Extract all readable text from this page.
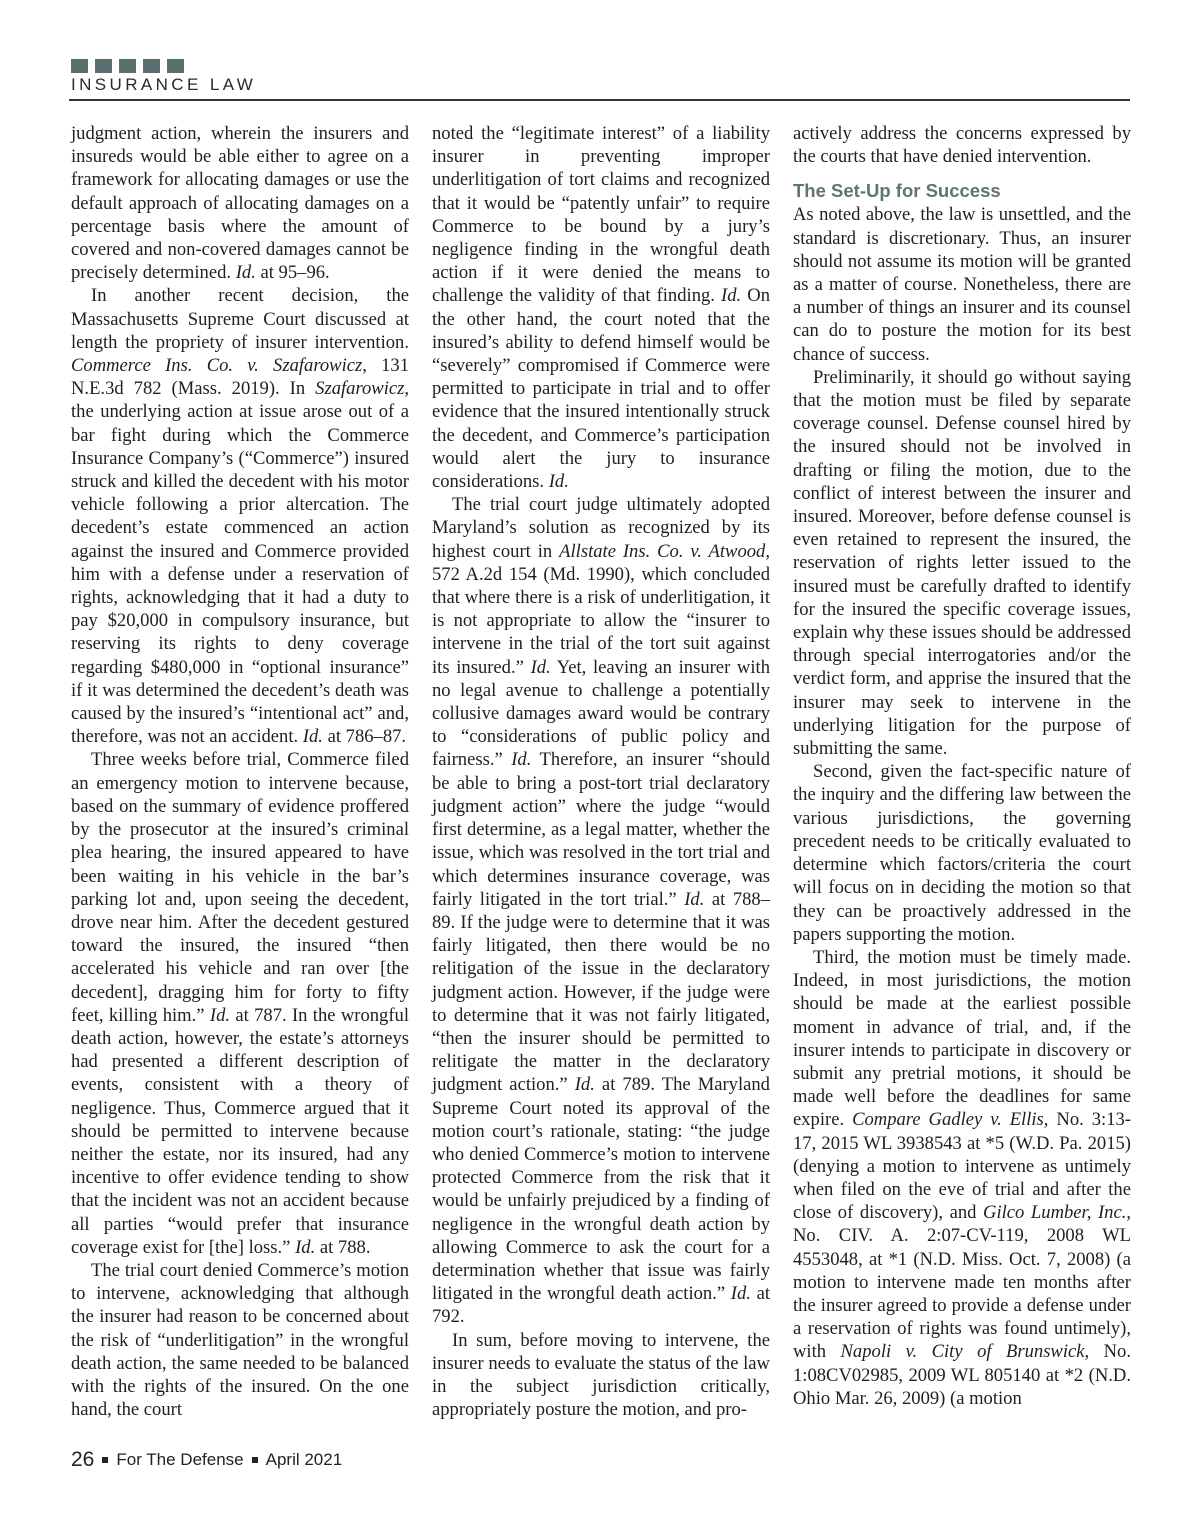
INSURANCE LAW

judgment action, wherein the insurers and insureds would be able either to agree on a framework for allocating damages or use the default approach of allocating damages on a percentage basis where the amount of covered and non-covered damages cannot be precisely determined. Id. at 95–96.

In another recent decision, the Massachusetts Supreme Court discussed at length the propriety of insurer intervention. Commerce Ins. Co. v. Szafarowicz, 131 N.E.3d 782 (Mass. 2019). In Szafarowicz, the underlying action at issue arose out of a bar fight during which the Commerce Insurance Company’s (“Commerce”) insured struck and killed the decedent with his motor vehicle following a prior altercation. The decedent’s estate commenced an action against the insured and Commerce provided him with a defense under a reservation of rights, acknowledging that it had a duty to pay $20,000 in compulsory insurance, but reserving its rights to deny coverage regarding $480,000 in “optional insurance” if it was determined the decedent’s death was caused by the insured’s “intentional act” and, therefore, was not an accident. Id. at 786–87.

Three weeks before trial, Commerce filed an emergency motion to intervene because, based on the summary of evidence proffered by the prosecutor at the insured’s criminal plea hearing, the insured appeared to have been waiting in his vehicle in the bar’s parking lot and, upon seeing the decedent, drove near him. After the decedent gestured toward the insured, the insured “then accelerated his vehicle and ran over [the decedent], dragging him for forty to fifty feet, killing him.” Id. at 787. In the wrongful death action, however, the estate’s attorneys had presented a different description of events, consistent with a theory of negligence. Thus, Commerce argued that it should be permitted to intervene because neither the estate, nor its insured, had any incentive to offer evidence tending to show that the incident was not an accident because all parties “would prefer that insurance coverage exist for [the] loss.” Id. at 788.

The trial court denied Commerce’s motion to intervene, acknowledging that although the insurer had reason to be concerned about the risk of “underlitigation” in the wrongful death action, the same needed to be balanced with the rights of the insured. On the one hand, the court

noted the “legitimate interest” of a liability insurer in preventing improper underlitigation of tort claims and recognized that it would be “patently unfair” to require Commerce to be bound by a jury’s negligence finding in the wrongful death action if it were denied the means to challenge the validity of that finding. Id. On the other hand, the court noted that the insured’s ability to defend himself would be “severely” compromised if Commerce were permitted to participate in trial and to offer evidence that the insured intentionally struck the decedent, and Commerce’s participation would alert the jury to insurance considerations. Id.

The trial court judge ultimately adopted Maryland’s solution as recognized by its highest court in Allstate Ins. Co. v. Atwood, 572 A.2d 154 (Md. 1990), which concluded that where there is a risk of underlitigation, it is not appropriate to allow the “insurer to intervene in the trial of the tort suit against its insured.” Id. Yet, leaving an insurer with no legal avenue to challenge a potentially collusive damages award would be contrary to “considerations of public policy and fairness.” Id. Therefore, an insurer “should be able to bring a post-tort trial declaratory judgment action” where the judge “would first determine, as a legal matter, whether the issue, which was resolved in the tort trial and which determines insurance coverage, was fairly litigated in the tort trial.” Id. at 788–89. If the judge were to determine that it was fairly litigated, then there would be no relitigation of the issue in the declaratory judgment action. However, if the judge were to determine that it was not fairly litigated, “then the insurer should be permitted to relitigate the matter in the declaratory judgment action.” Id. at 789. The Maryland Supreme Court noted its approval of the motion court’s rationale, stating: “the judge who denied Commerce’s motion to intervene protected Commerce from the risk that it would be unfairly prejudiced by a finding of negligence in the wrongful death action by allowing Commerce to ask the court for a determination whether that issue was fairly litigated in the wrongful death action.” Id. at 792.

In sum, before moving to intervene, the insurer needs to evaluate the status of the law in the subject jurisdiction critically, appropriately posture the motion, and pro-

actively address the concerns expressed by the courts that have denied intervention.

The Set-Up for Success

As noted above, the law is unsettled, and the standard is discretionary. Thus, an insurer should not assume its motion will be granted as a matter of course. Nonetheless, there are a number of things an insurer and its counsel can do to posture the motion for its best chance of success.

Preliminarily, it should go without saying that the motion must be filed by separate coverage counsel. Defense counsel hired by the insured should not be involved in drafting or filing the motion, due to the conflict of interest between the insurer and insured. Moreover, before defense counsel is even retained to represent the insured, the reservation of rights letter issued to the insured must be carefully drafted to identify for the insured the specific coverage issues, explain why these issues should be addressed through special interrogatories and/or the verdict form, and apprise the insured that the insurer may seek to intervene in the underlying litigation for the purpose of submitting the same.

Second, given the fact-specific nature of the inquiry and the differing law between the various jurisdictions, the governing precedent needs to be critically evaluated to determine which factors/criteria the court will focus on in deciding the motion so that they can be proactively addressed in the papers supporting the motion.

Third, the motion must be timely made. Indeed, in most jurisdictions, the motion should be made at the earliest possible moment in advance of trial, and, if the insurer intends to participate in discovery or submit any pretrial motions, it should be made well before the deadlines for same expire. Compare Gadley v. Ellis, No. 3:13-17, 2015 WL 3938543 at *5 (W.D. Pa. 2015) (denying a motion to intervene as untimely when filed on the eve of trial and after the close of discovery), and Gilco Lumber, Inc., No. CIV. A. 2:07-CV-119, 2008 WL 4553048, at *1 (N.D. Miss. Oct. 7, 2008) (a motion to intervene made ten months after the insurer agreed to provide a defense under a reservation of rights was found untimely), with Napoli v. City of Brunswick, No. 1:08CV02985, 2009 WL 805140 at *2 (N.D. Ohio Mar. 26, 2009) (a motion

26 For The Defense April 2021
